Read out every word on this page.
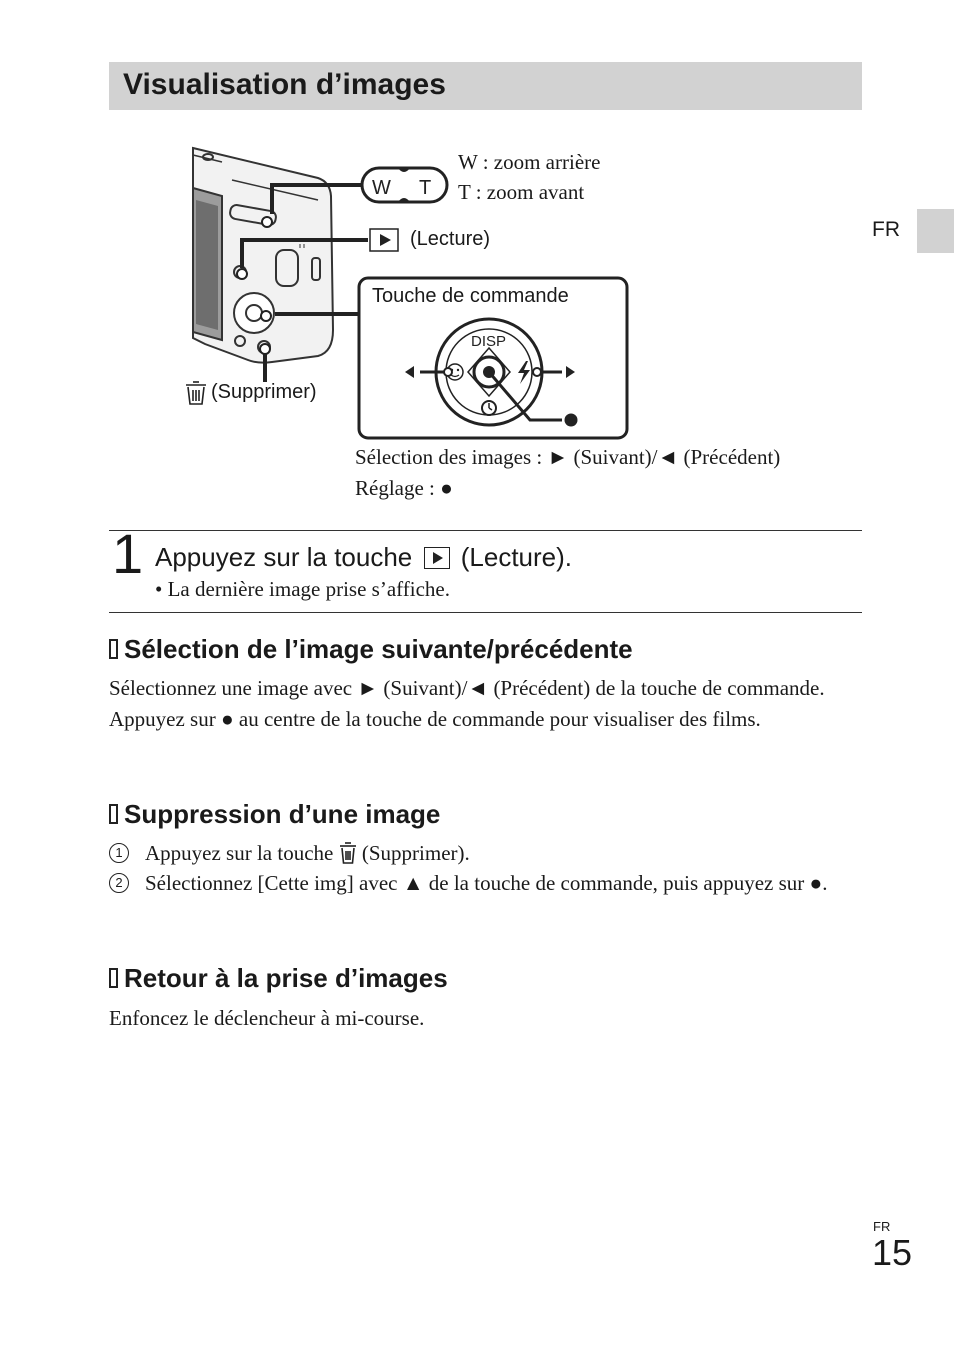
Visualisation d’images
FR
W T
DISP
W : zoom arrière
T : zoom avant
(Lecture)
Touche de commande
(Supprimer)
Sélection des images : ► (Suivant)/◄ (Précédent)
Réglage : ●
1 Appuyez sur la touche (Lecture).
• La dernière image prise s’affiche.
Sélection de l’image suivante/précédente
Sélectionnez une image avec ► (Suivant)/◄ (Précédent) de la touche de commande. Appuyez sur ● au centre de la touche de commande pour visualiser des films.
Suppression d’une image
1	Appuyez sur la touche (Supprimer).
2	Sélectionnez [Cette img] avec ▲ de la touche de commande, puis appuyez sur ●.
Retour à la prise d’images
Enfoncez le déclencheur à mi-course.
FR
15
